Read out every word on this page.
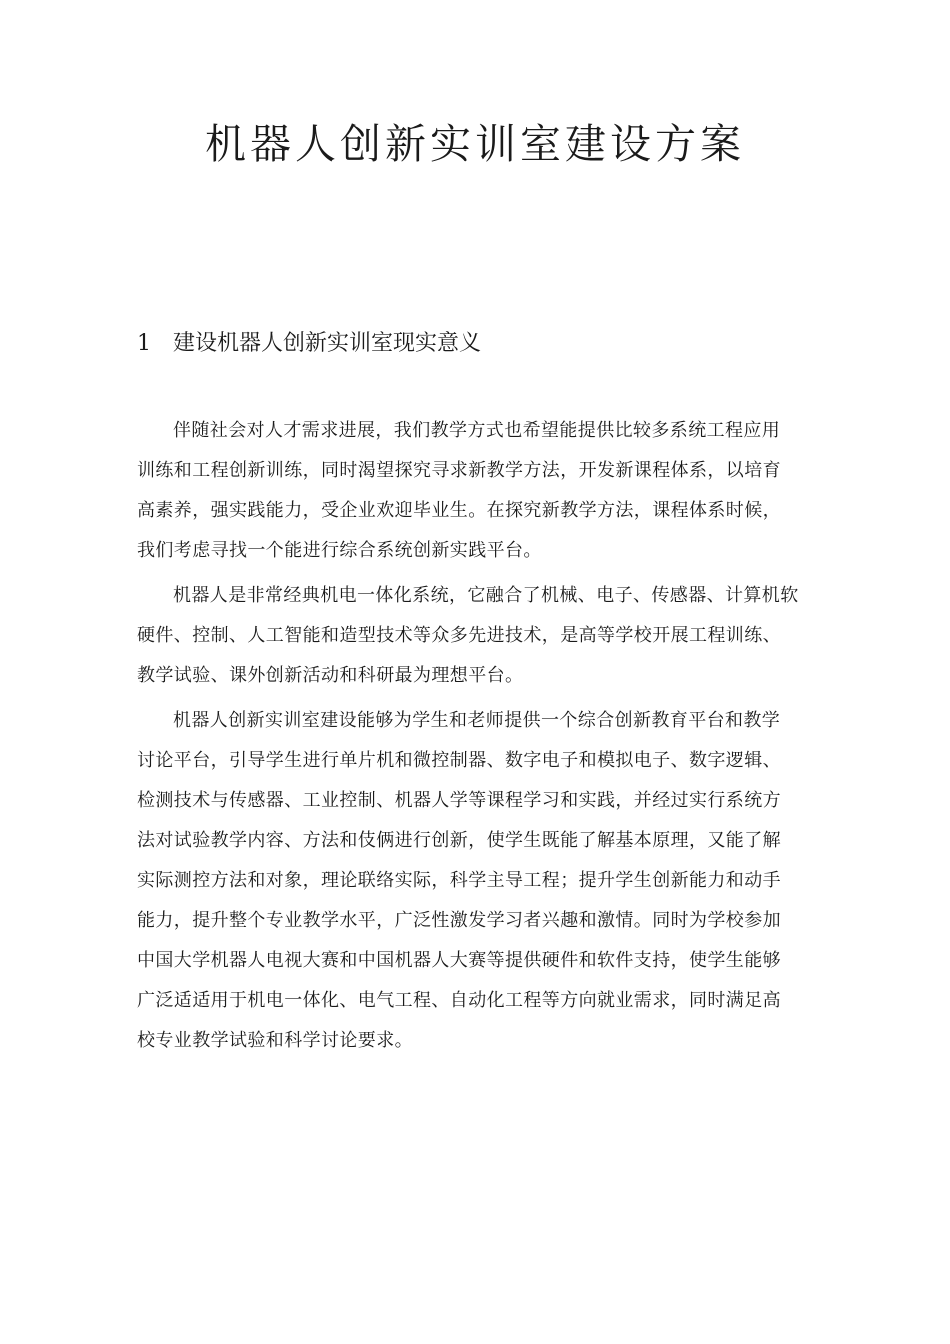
机器人创新实训室建设方案
1 建设机器人创新实训室现实意义

伴随社会对人才需求进展，我们教学方式也希望能提供比较多系统工程应用
训练和工程创新训练，同时渴望探究寻求新教学方法，开发新课程体系，以培育
高素养，强实践能力，受企业欢迎毕业生。在探究新教学方法，课程体系时候，
我们考虑寻找一个能进行综合系统创新实践平台。

机器人是非常经典机电一体化系统，它融合了机械、电子、传感器、计算机软
硬件、控制、人工智能和造型技术等众多先进技术，是高等学校开展工程训练、
教学试验、课外创新活动和科研最为理想平台。

机器人创新实训室建设能够为学生和老师提供一个综合创新教育平台和教学
讨论平台，引导学生进行单片机和微控制器、数字电子和模拟电子、数字逻辑、
检测技术与传感器、工业控制、机器人学等课程学习和实践，并经过实行系统方
法对试验教学内容、方法和伎俩进行创新，使学生既能了解基本原理，又能了解
实际测控方法和对象，理论联络实际，科学主导工程；提升学生创新能力和动手
能力，提升整个专业教学水平，广泛性激发学习者兴趣和激情。同时为学校参加
中国大学机器人电视大赛和中国机器人大赛等提供硬件和软件支持，使学生能够
广泛适适用于机电一体化、电气工程、自动化工程等方向就业需求，同时满足高
校专业教学试验和科学讨论要求。
